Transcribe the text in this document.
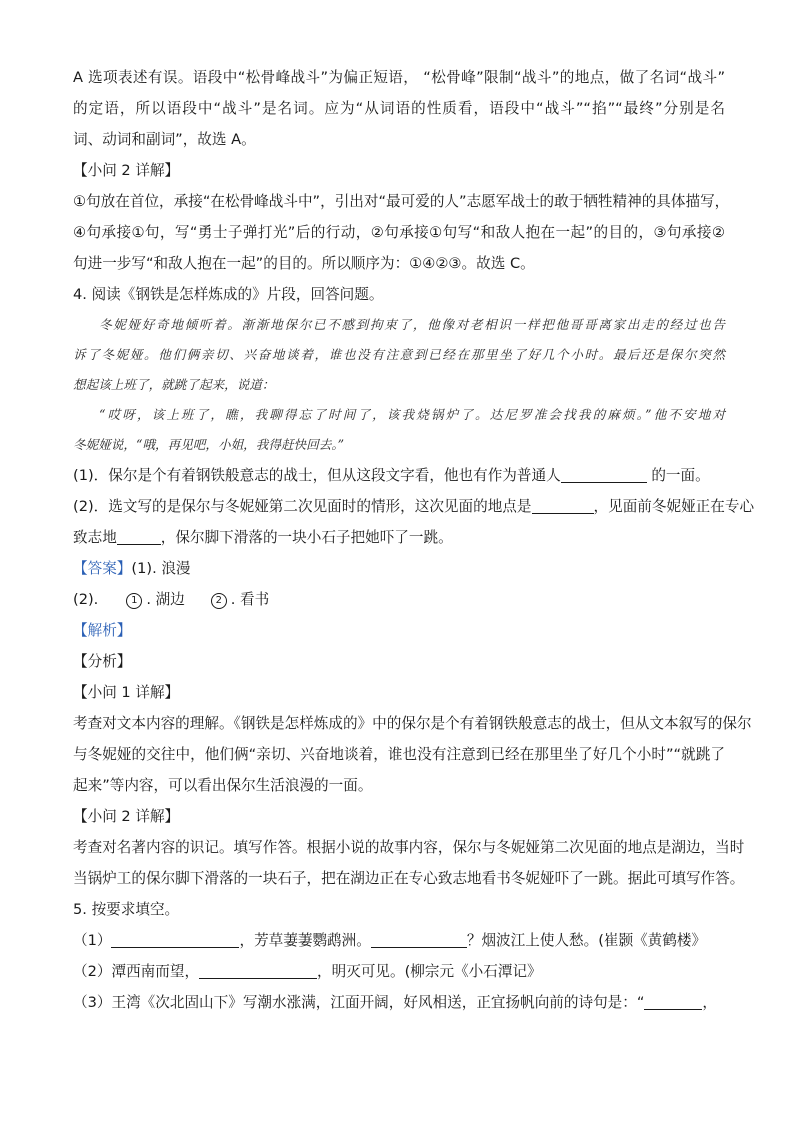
A 选项表述有误。语段中“松骨峰战斗”为偏正短语， “松骨峰”限制“战斗”的地点，做了名词“战斗”
的定语，所以语段中“战斗”是名词。应为“从词语的性质看，语段中“战斗”“掐”“最终”分别是名
词、动词和副词”，故选 A。
【小问 2 详解】
①句放在首位，承接“在松骨峰战斗中”，引出对“最可爱的人”志愿军战士的敢于牺牲精神的具体描写，
④句承接①句，写“勇士子弹打光”后的行动，②句承接①句写“和敌人抱在一起”的目的，③句承接②
句进一步写“和敌人抱在一起”的目的。所以顺序为：①④②③。故选 C。
4. 阅读《钢铁是怎样炼成的》片段，回答问题。
冬妮娅好奇地倾听着。渐渐地保尔已不感到拘束了，他像对老相识一样把他哥哥离家出走的经过也告
诉了冬妮娅。他们俩亲切、兴奋地谈着，谁也没有注意到已经在那里坐了好几个小时。最后还是保尔突然
想起该上班了，就跳了起来，说道：
“哎呀，该上班了，瞧，我聊得忘了时间了，该我烧锅炉了。达尼罗准会找我的麻烦。”他不安地对
冬妮娅说，“哦，再见吧，小姐，我得赶快回去。”
(1)．保尔是个有着钢铁般意志的战士，但从这段文字看，他也有作为普通人	的一面。
(2)．选文写的是保尔与冬妮娅第二次见面时的情形，这次见面的地点是	，见面前冬妮娅正在专心
致志地	，保尔脚下滑落的一块小石子把她吓了一跳。
【答案】(1). 浪漫
(2).	1 . 湖边	2 . 看书
【解析】
【分析】
【小问 1 详解】
考查对文本内容的理解。《钢铁是怎样炼成的》中的保尔是个有着钢铁般意志的战士，但从文本叙写的保尔
与冬妮娅的交往中，他们俩“亲切、兴奋地谈着，谁也没有注意到已经在那里坐了好几个小时”“就跳了
起来”等内容，可以看出保尔生活浪漫的一面。
【小问 2 详解】
考查对名著内容的识记。填写作答。根据小说的故事内容，保尔与冬妮娅第二次见面的地点是湖边，当时
当锅炉工的保尔脚下滑落的一块石子，把在湖边正在专心致志地看书冬妮娅吓了一跳。据此可填写作答。
5. 按要求填空。
（1）	，芳草萋萋鹦鹉洲。	？烟波江上使人愁。(崔颢《黄鹤楼》
（2）潭西南而望，	，明灭可见。(柳宗元《小石潭记》
（3）王湾《次北固山下》写潮水涨满，江面开阔，好风相送，正宜扬帆向前的诗句是：“	，
